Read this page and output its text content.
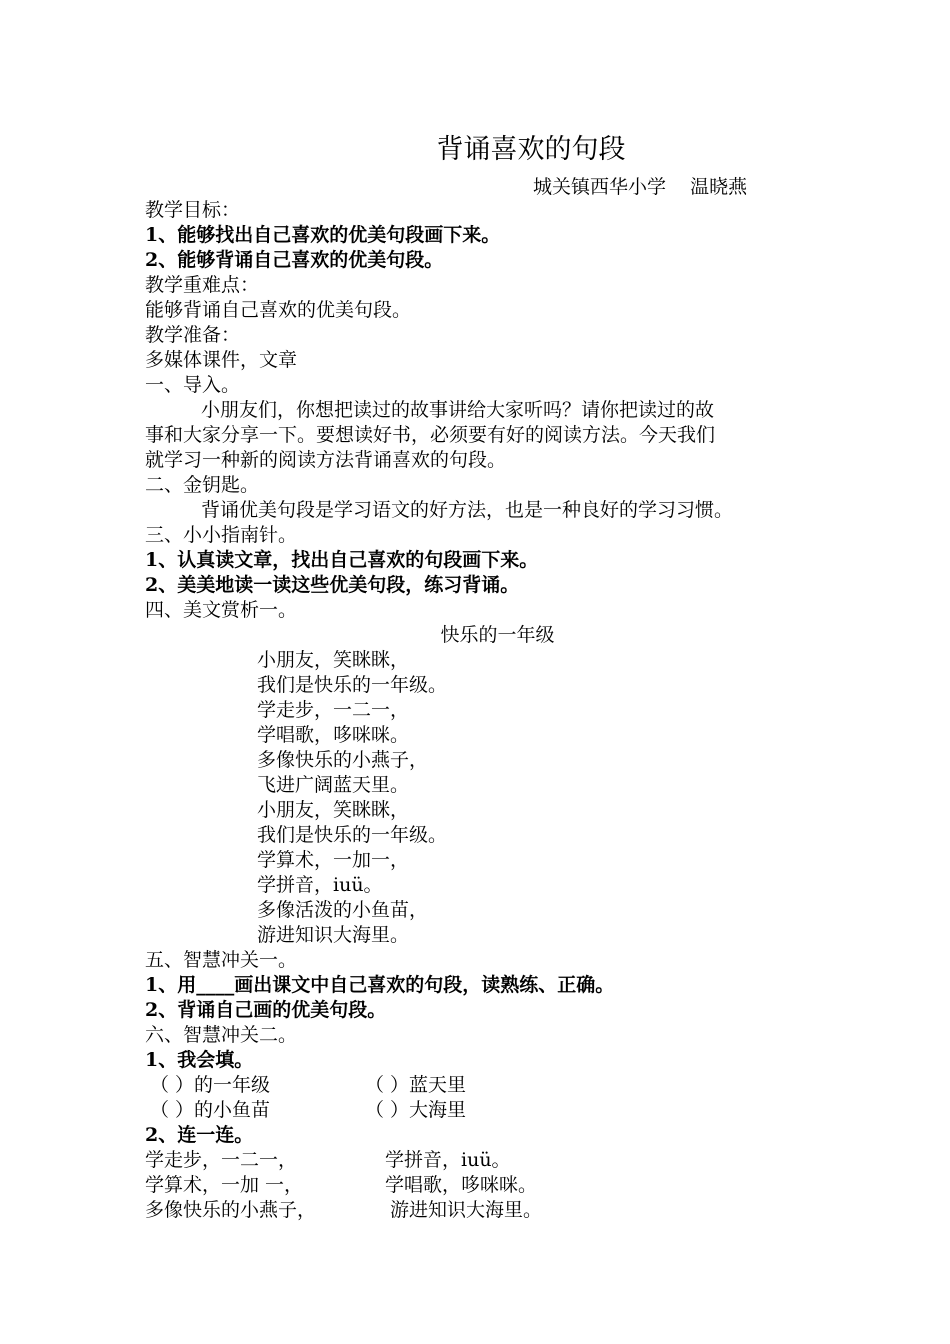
背诵喜欢的句段
城关镇西华小学    温晓燕
教学目标：
1、能够找出自己喜欢的优美句段画下来。
2、能够背诵自己喜欢的优美句段。
教学重难点：
能够背诵自己喜欢的优美句段。
教学准备：
多媒体课件，文章
一、导入。
小朋友们，你想把读过的故事讲给大家听吗？请你把读过的故
事和大家分享一下。要想读好书，必须要有好的阅读方法。今天我们
就学习一种新的阅读方法背诵喜欢的句段。
二、金钥匙。
背诵优美句段是学习语文的好方法，也是一种良好的学习习惯。
三、小小指南针。
1、认真读文章，找出自己喜欢的句段画下来。
2、美美地读一读这些优美句段，练习背诵。
四、美文赏析一。
快乐的一年级
小朋友，笑眯眯，
我们是快乐的一年级。
学走步，一二一，
学唱歌，哆咪咪。
多像快乐的小燕子，
飞进广阔蓝天里。
小朋友，笑眯眯，
我们是快乐的一年级。
学算术，一加一，
学拼音，iuü。
多像活泼的小鱼苗，
游进知识大海里。
五、智慧冲关一。
1、用____画出课文中自己喜欢的句段，读熟练、正确。
2、背诵自己画的优美句段。
六、智慧冲关二。
1、我会填。
（ ）的一年级	（ ）蓝天里
（ ）的小鱼苗	（ ）大海里
2、连一连。
学走步，一二一，	学拼音，iuü。
学算术，一加 一，	学唱歌，哆咪咪。
多像快乐的小燕子，	游进知识大海里。
